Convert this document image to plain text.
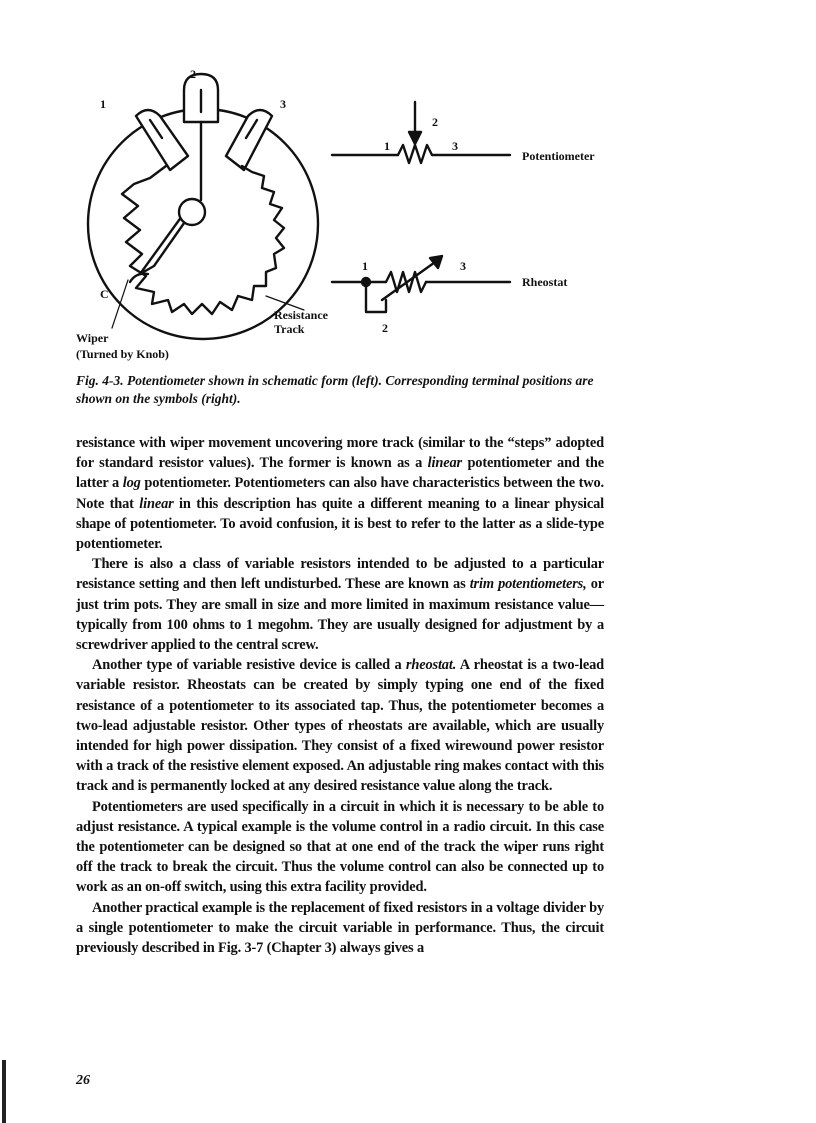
2
1	3
C
Resistance
Track
Wiper
(Turned by Knob)
1
2
3
Potentiometer
1
2
3
Rheostat
Fig. 4-3. Potentiometer shown in schematic form (left). Corresponding terminal positions are shown on the symbols (right).

resistance with wiper movement uncovering more track (similar to the “steps” adopted for standard resistor values). The former is known as a linear potentiometer and the latter a log potentiometer. Potentiometers can also have characteristics between the two. Note that linear in this description has quite a different meaning to a linear physical shape of potentiometer. To avoid confusion, it is best to refer to the latter as a slide-type potentiometer.

There is also a class of variable resistors intended to be adjusted to a particular resistance setting and then left undisturbed. These are known as trim potentiometers, or just trim pots. They are small in size and more limited in maximum resistance value—typically from 100 ohms to 1 megohm. They are usually designed for adjustment by a screwdriver applied to the central screw.

Another type of variable resistive device is called a rheostat. A rheostat is a two-lead variable resistor. Rheostats can be created by simply typing one end of the fixed resistance of a potentiometer to its associated tap. Thus, the potentiometer becomes a two-lead adjustable resistor. Other types of rheostats are available, which are usually intended for high power dissipation. They consist of a fixed wirewound power resistor with a track of the resistive element exposed. An adjustable ring makes contact with this track and is permanently locked at any desired resistance value along the track.

Potentiometers are used specifically in a circuit in which it is necessary to be able to adjust resistance. A typical example is the volume control in a radio circuit. In this case the potentiometer can be designed so that at one end of the track the wiper runs right off the track to break the circuit. Thus the volume control can also be connected up to work as an on-off switch, using this extra facility provided.

Another practical example is the replacement of fixed resistors in a voltage divider by a single potentiometer to make the circuit variable in performance. Thus, the circuit previously described in Fig. 3-7 (Chapter 3) always gives a

26
